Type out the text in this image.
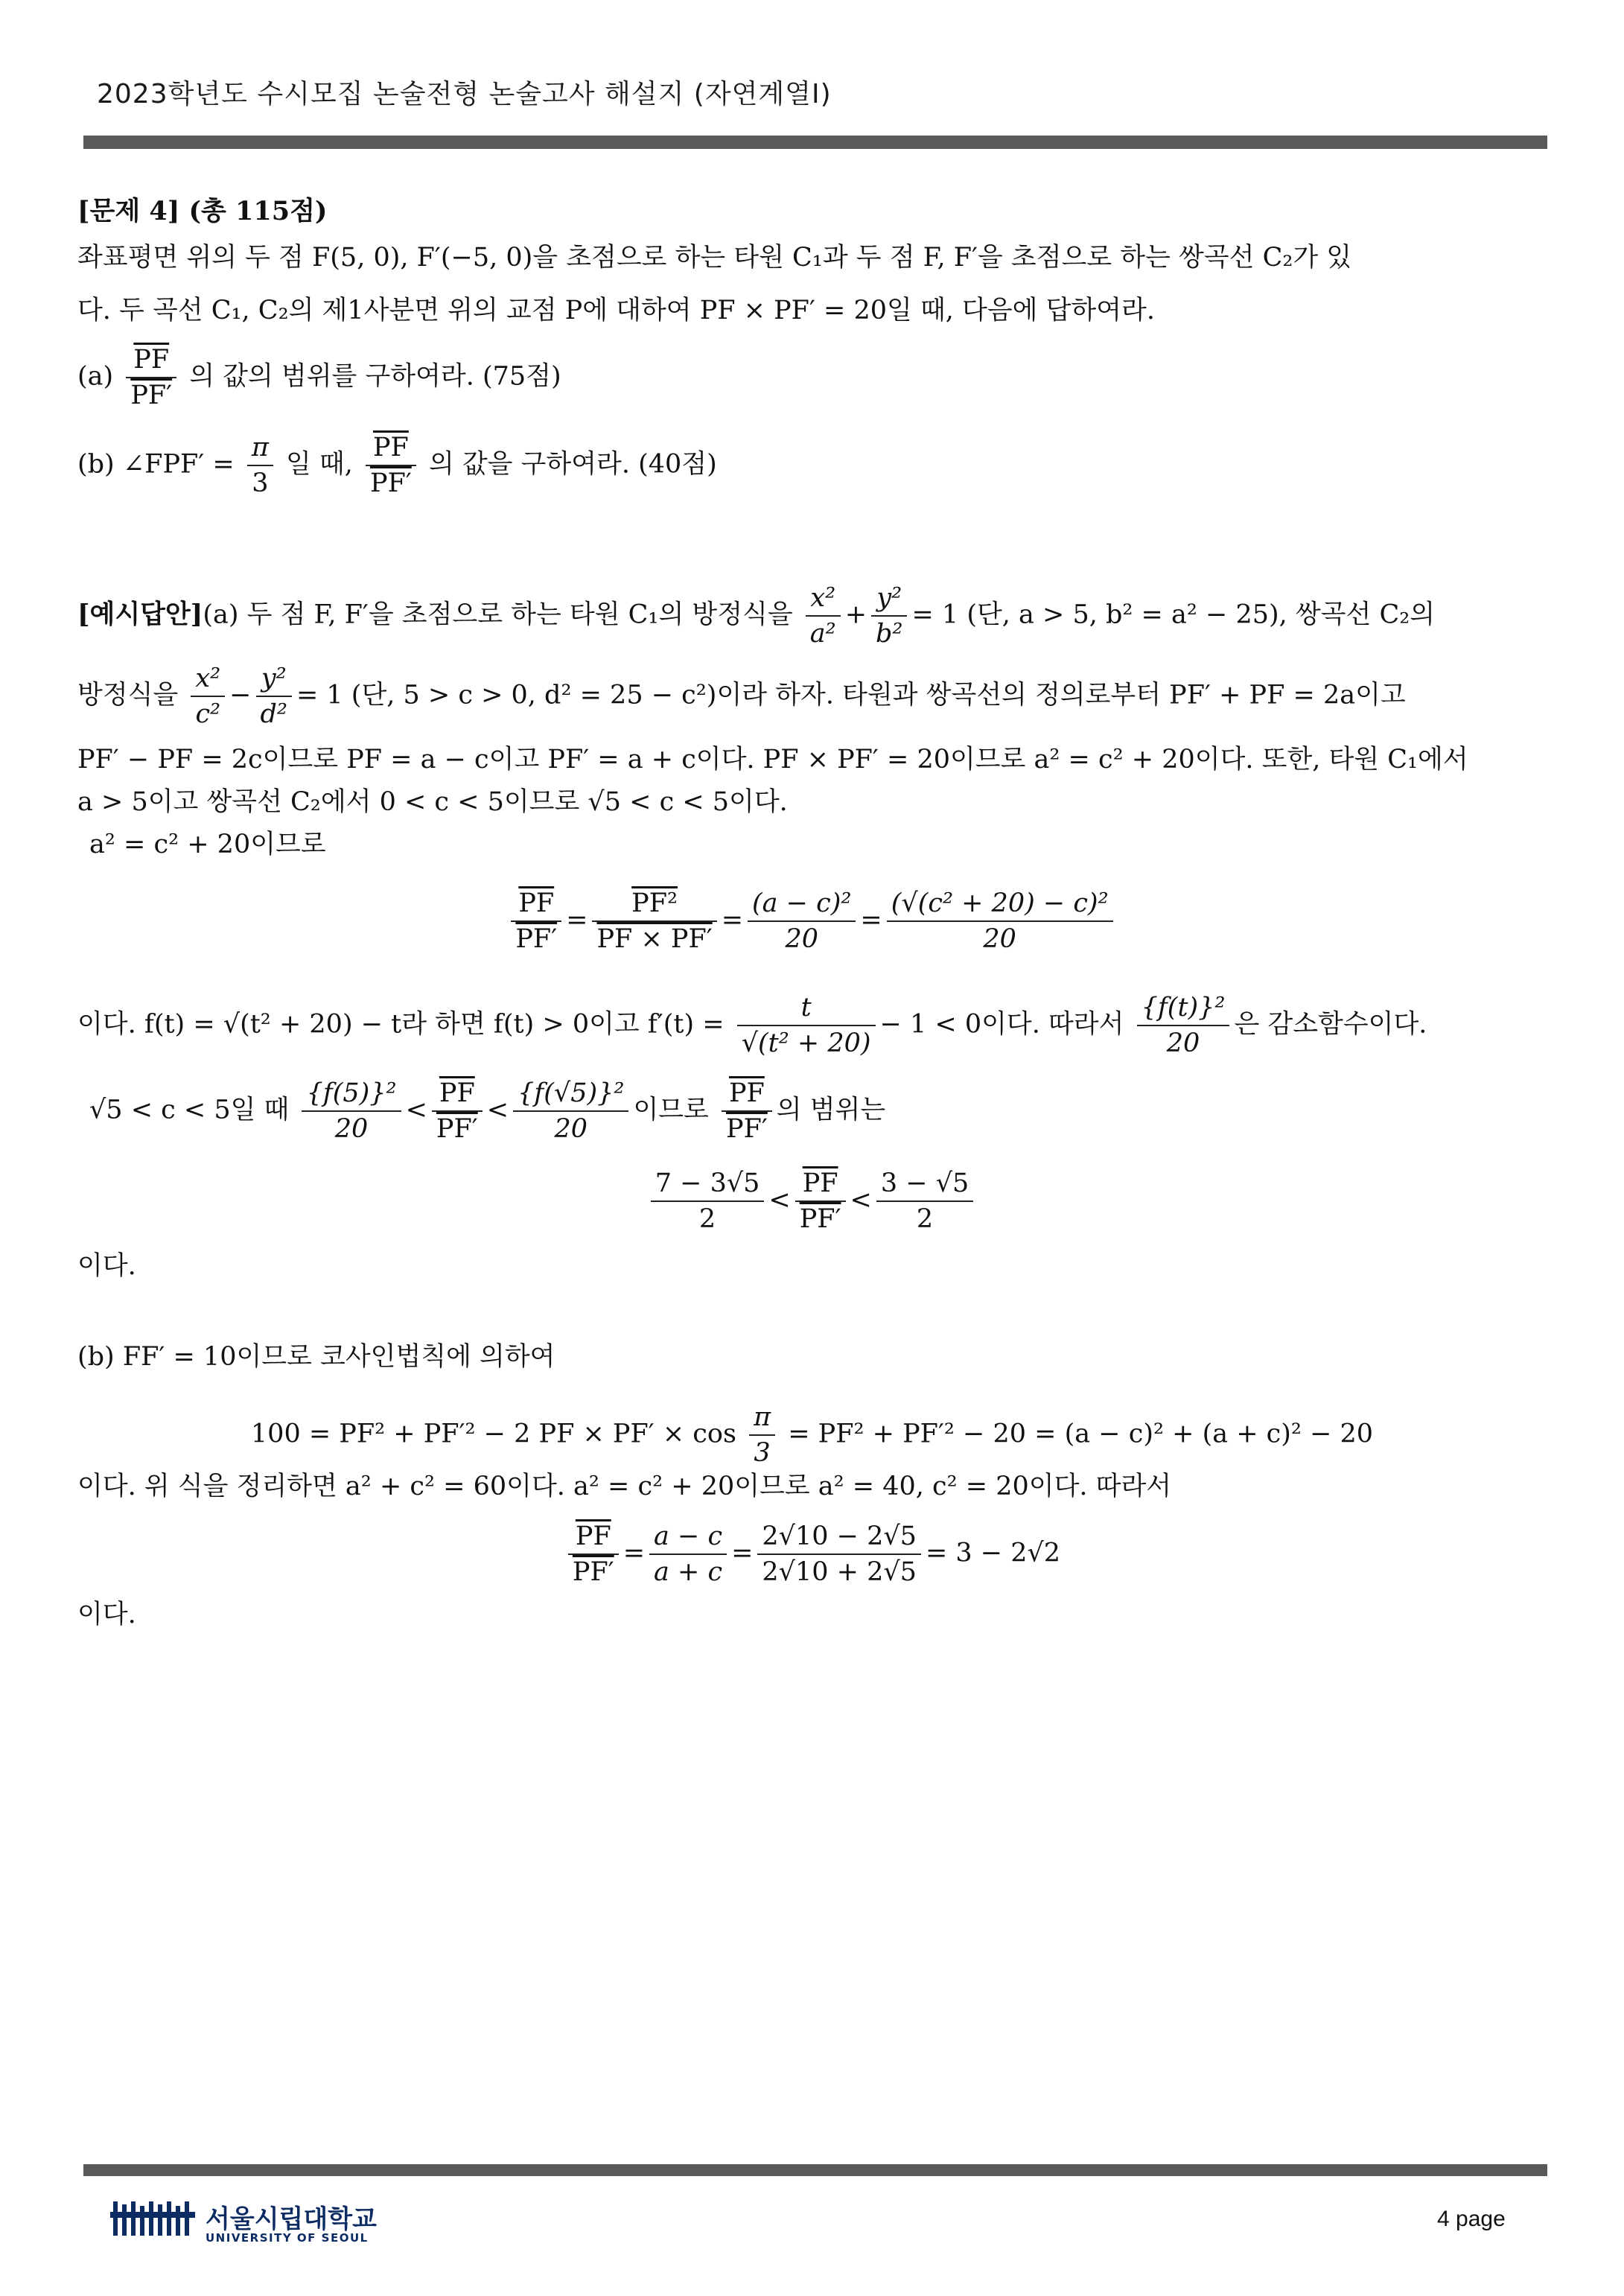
2023학년도 수시모집 논술전형 논술고사 해설지 (자연계열Ⅰ)
[문제 4] (총 115점)
좌표평면 위의 두 점 F(5, 0), F′(−5, 0)을 초점으로 하는 타원 C₁과 두 점 F, F′을 초점으로 하는 쌍곡선 C₂가 있
다. 두 곡선 C₁, C₂의 제1사분면 위의 교점 P에 대하여 PF × PF′ = 20일 때, 다음에 답하여라.
$(a) \frac{\overline{PF}}{PF'}$ 의 값의 범위를 구하여라. (75점)
(b) ∠FPF′ = $\frac{\pi}{3}$ 일 때, $\frac{\overline{PF}}{PF'}$ 의 값을 구하여라. (40점)
[예시답안](a) 두 점 F, F′을 초점으로 하는 타원 C₁의 방정식을 $\frac{\text{x²}}{\text{a²}} + \frac{\text{y²}}{\text{b²}} = 1$ (단, a > 5, b² = a² − 25), 쌍곡선 C₂의
방정식을 $\frac{\text{x²}}{\text{c²}} - \frac{\text{y²}}{\text{d²}} = 1$ (단, 5 > c > 0, d² = 25 − c²)이라 하자. 타원과 쌍곡선의 정의로부터 PF′ + PF = 2a이고
PF′ − PF = 2c이므로 PF = a − c이고 PF′ = a + c이다. PF × PF′ = 20이므로 a² = c² + 20이다. 또한, 타원 C₁에서
a > 5이고 쌍곡선 C₂에서 0 < c < 5이므로 √5 < c < 5이다.
a² = c² + 20이므로
$\frac{\overline{PF}}{PF'} = \frac{\text{PF²}}{PF \times PF'} = \frac{\text{(a − c)²}}{20} = \frac{\text{(√(c² + 20) − c)²}}{20}$
이다. f(t) = √(t² + 20) − t라 하면 f(t) > 0이고 $f'(t) = \frac{t}{\text{√(t² + 20)}} - 1 < 0$이다. 따라서 $\frac{\text{\{f(t)\}²}}{20}$ 은 감소함수이다.
√5 < c < 5일 때 $\frac{\text{\{f(5)\}²}}{20} < \frac{\overline{PF}}{PF'} < \frac{\text{\{f(√5)\}²}}{20}$ 이므로 $\frac{\overline{PF}}{PF'}$ 의 범위는
$\frac{7 - 3√5}{2} < \frac{\overline{PF}}{PF'} < \frac{3 - √5}{2}$
이다.
(b) FF′ = 10이므로 코사인법칙에 의하여
100 = PF² + PF′² − 2 PF × $PF' \times \cos \frac{\pi}{3} = PF^2 + PF'^2 - 20 = (a - c)^2 + (a + c)^2 - 20$
이다. 위 식을 정리하면 a² + c² = 60이다. a² = c² + 20이므로 a² = 40, c² = 20이다. 따라서
$\frac{\overline{PF}}{PF'} = \frac{a - c}{a + c} = \frac{2√10 - 2√5}{2√10 + 2√5} = 3 - 2√2$
이다.
서울시립대학교
UNIVERSITY OF SEOUL
4 page
